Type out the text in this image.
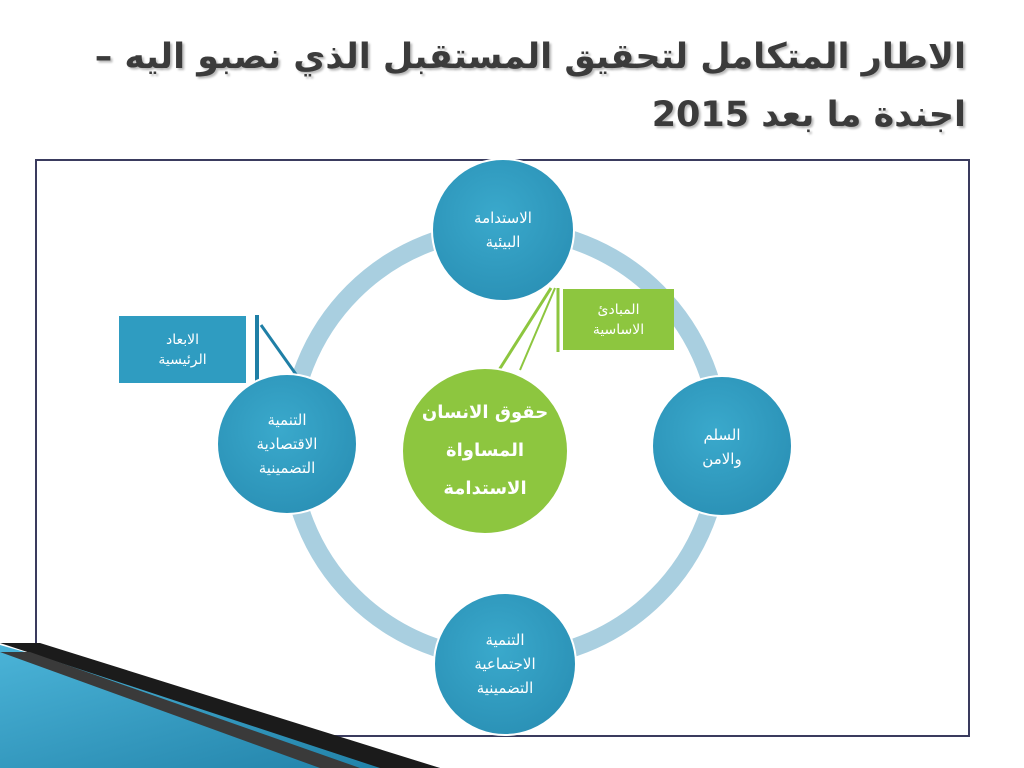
الاطار المتكامل لتحقيق المستقبل الذي نصبو اليه –
اجندة ما بعد 2015
حقوق الانسان
المساواة
الاستدامة
الاستدامة
البيئية
السلم
والامن
التنمية
الاجتماعية
التضمينية
التنمية
الاقتصادية
التضمينية
الابعاد
الرئيسية
المبادئ
الاساسية
